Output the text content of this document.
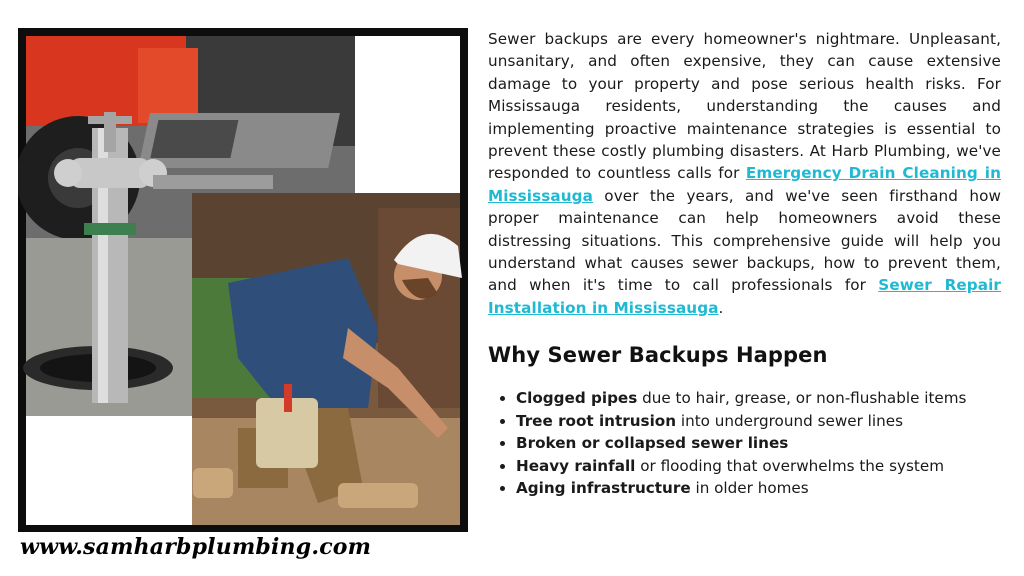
www.samharbplumbing.com

Sewer backups are every homeowner's nightmare. Unpleasant, unsanitary, and often expensive, they can cause extensive damage to your property and pose serious health risks. For Mississauga residents, understanding the causes and implementing proactive maintenance strategies is essential to prevent these costly plumbing disasters. At Harb Plumbing, we've responded to countless calls for Emergency Drain Cleaning in Mississauga over the years, and we've seen firsthand how proper maintenance can help homeowners avoid these distressing situations. This comprehensive guide will help you understand what causes sewer backups, how to prevent them, and when it's time to call professionals for Sewer Repair Installation in Mississauga.

Why Sewer Backups Happen
• Clogged pipes due to hair, grease, or non-flushable items
• Tree root intrusion into underground sewer lines
• Broken or collapsed sewer lines
• Heavy rainfall or flooding that overwhelms the system
• Aging infrastructure in older homes
